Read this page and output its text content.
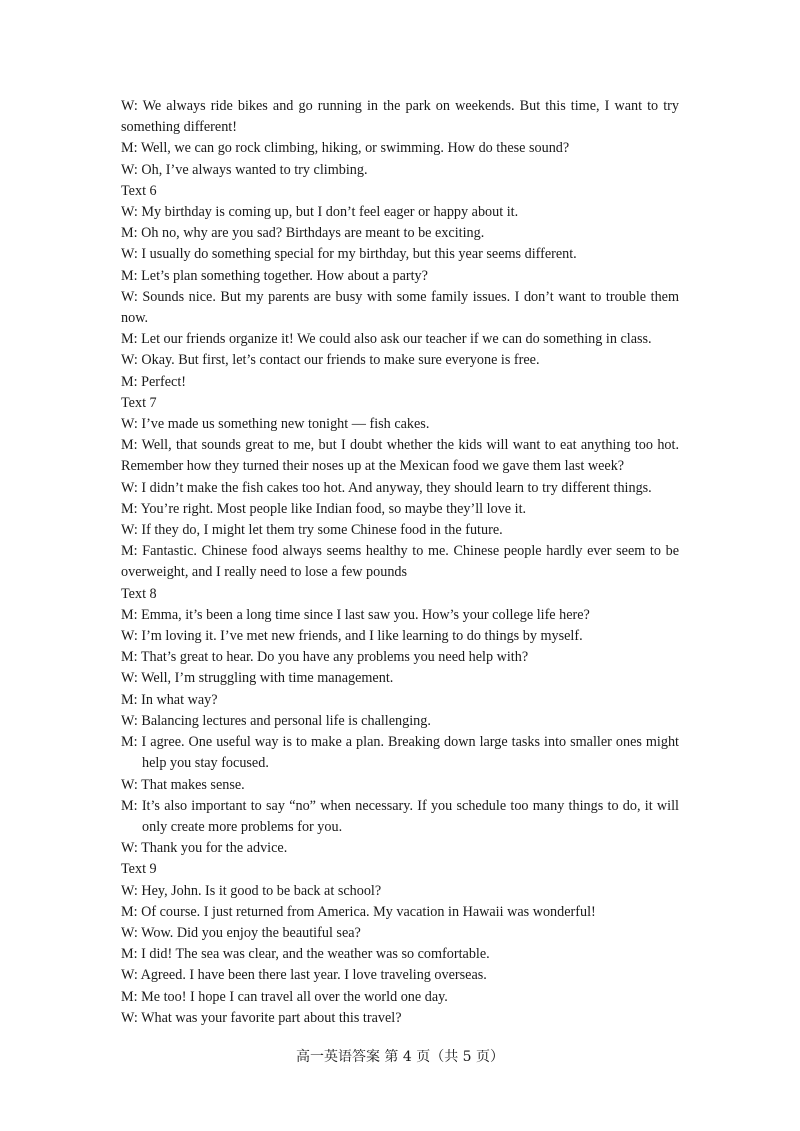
W: We always ride bikes and go running in the park on weekends. But this time, I want to try something different!

M: Well, we can go rock climbing, hiking, or swimming. How do these sound?

W: Oh, I’ve always wanted to try climbing.

Text 6

W: My birthday is coming up, but I don’t feel eager or happy about it.

M: Oh no, why are you sad? Birthdays are meant to be exciting.

W: I usually do something special for my birthday, but this year seems different.

M: Let’s plan something together. How about a party?

W: Sounds nice. But my parents are busy with some family issues. I don’t want to trouble them now.

M: Let our friends organize it! We could also ask our teacher if we can do something in class.

W: Okay. But first, let’s contact our friends to make sure everyone is free.

M: Perfect!

Text 7

W: I’ve made us something new tonight — fish cakes.

M: Well, that sounds great to me, but I doubt whether the kids will want to eat anything too hot. Remember how they turned their noses up at the Mexican food we gave them last week?

W: I didn’t make the fish cakes too hot. And anyway, they should learn to try different things.

M: You’re right. Most people like Indian food, so maybe they’ll love it.

W: If they do, I might let them try some Chinese food in the future.

M: Fantastic. Chinese food always seems healthy to me. Chinese people hardly ever seem to be overweight, and I really need to lose a few pounds

Text 8

M: Emma, it’s been a long time since I last saw you. How’s your college life here?

W: I’m loving it. I’ve met new friends, and I like learning to do things by myself.

M: That’s great to hear. Do you have any problems you need help with?

W: Well, I’m struggling with time management.

M: In what way?

W: Balancing lectures and personal life is challenging.

M: I agree. One useful way is to make a plan. Breaking down large tasks into smaller ones might help you stay focused.

W: That makes sense.

M: It’s also important to say “no” when necessary. If you schedule too many things to do, it will only create more problems for you.

W: Thank you for the advice.

Text 9

W: Hey, John. Is it good to be back at school?

M: Of course. I just returned from America. My vacation in Hawaii was wonderful!

W: Wow. Did you enjoy the beautiful sea?

M: I did! The sea was clear, and the weather was so comfortable.

W: Agreed. I have been there last year. I love traveling overseas.

M: Me too! I hope I can travel all over the world one day.

W: What was your favorite part about this travel?

高一英语答案 第 4 页（共 5 页）
